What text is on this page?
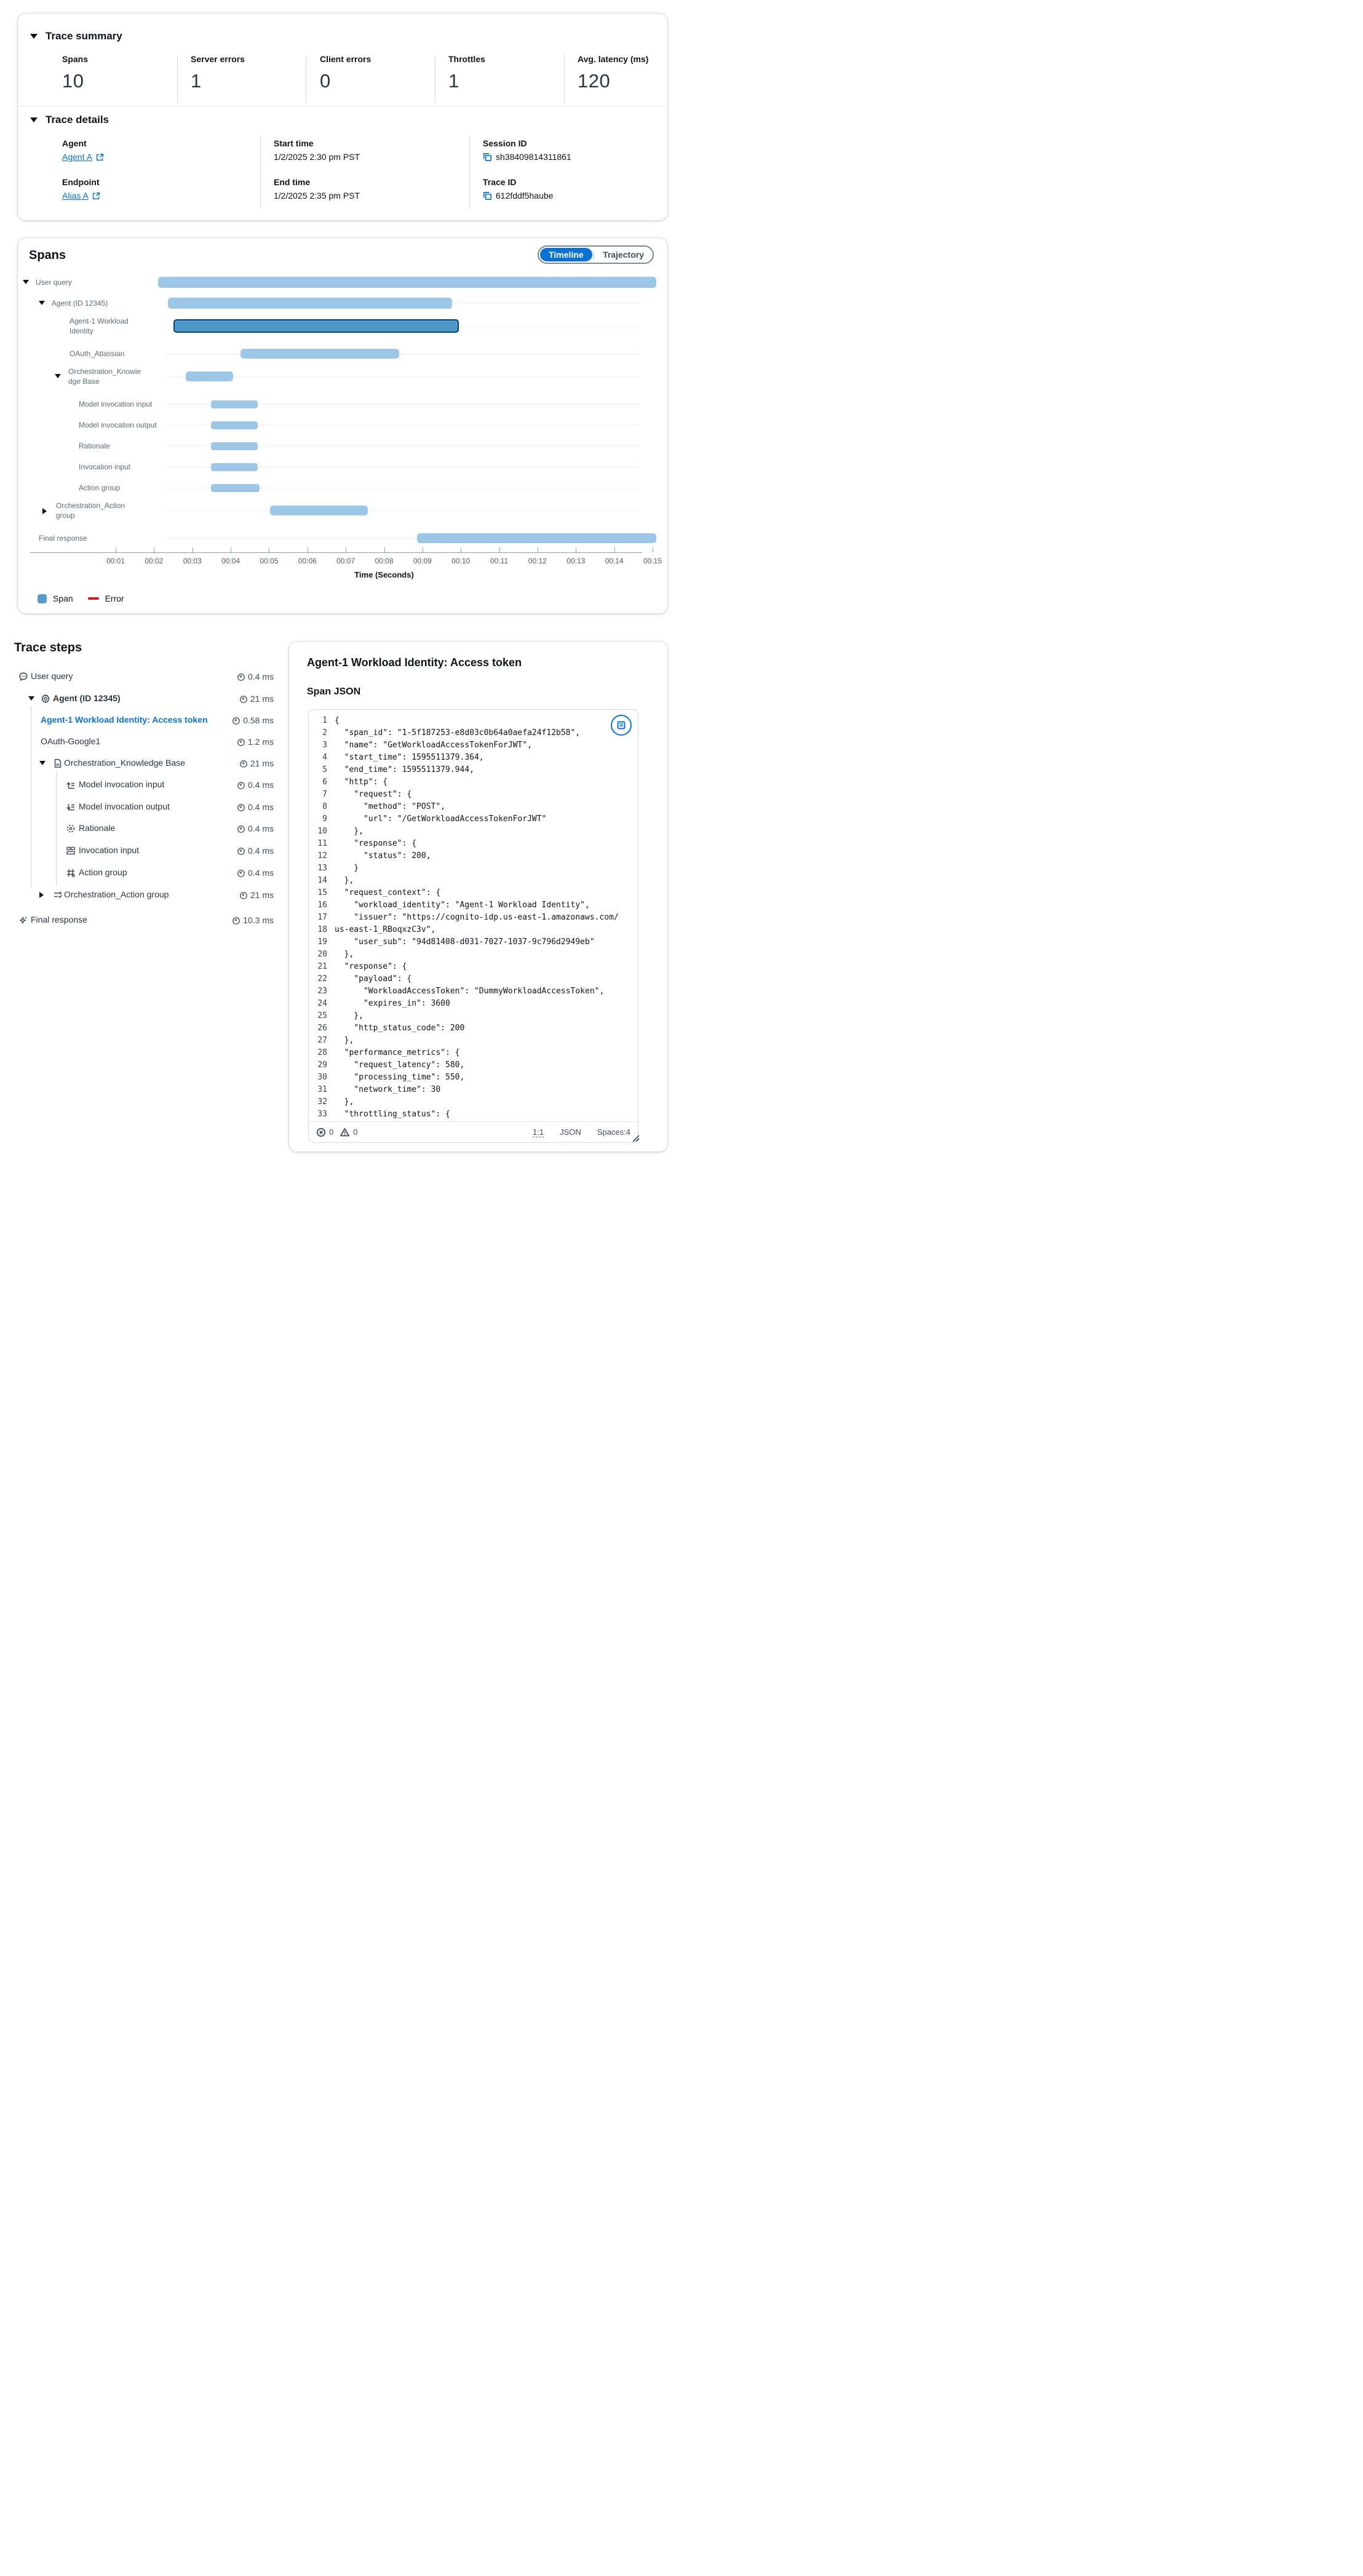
Trace summary
Spans
10
Server errors
1
Client errors
0
Throttles
1
Avg. latency (ms)
120
Trace details
Agent
Agent A
Endpoint
Alias A
Start time
1/2/2025 2:30 pm PST
End time
1/2/2025 2:35 pm PST
Session ID
sh38409814311861
Trace ID
612fddf5haube
Spans	Timeline	| Trajectory
User query
Agent (ID 12345)
Agent-1 Workload
Identity
OAuth_Atlassian
Orchestration_Knowle
dge Base
Model invocation input
Model invocation output
Rationale
Invocation input
Action group
Orchestration_Action
group
Final response
00:01	00:02	00:03	00:04	00:05	00:06	00:07	00:08	00:09	00:10	00:11	00:12	00:13	00:14	00:15
Time (Seconds)
Span
	Error

Trace steps
User query	0.4 ms
Agent (ID 12345)	21 ms
Agent-1 Workload Identity: Access token	0.58 ms
OAuth-Google1	1.2 ms
Orchestration_Knowledge Base	21 ms
Model invocation input	0.4 ms
Model invocation output	0.4 ms
Rationale	0.4 ms
Invocation input	0.4 ms
Action group	0.4 ms
Orchestration_Action group	21 ms
Final response	10.3 ms
Agent-1 Workload Identity: Access token
Span JSON
1 {
2 "span_id": "1-5f187253-e8d03c0b64a0aefa24f12b58",
3 "name": "GetWorkloadAccessTokenForJWT",
4 "start_time": 1595511379.364,
5 "end_time": 1595511379.944,
6 "http": {
7 "request": {
8 "method": "POST",
9 "url": "/GetWorkloadAccessTokenForJWT"
10 },
11 "response": {
12 "status": 200,
13 }
14 },
15 "request_context": {
16 "workload_identity": "Agent-1 Workload Identity",
17 "issuer": "https://cognito-idp.us-east-1.amazonaws.com/
18 us-east-1_RBoqxzC3v",
19 "user_sub": "94d81408-d031-7027-1037-9c796d2949eb"
20 },
21 "response": {
22 "payload": {
23 "WorkloadAccessToken": "DummyWorkloadAccessToken",
24 "expires_in": 3600
25 },
26 "http_status_code": 200
27 },
28 "performance_metrics": {
29 "request_latency": 580,
30 "processing_time": 550,
31 "network_time": 30
32 },
33 "throttling_status": {
0 0	1:1 JSON Spaces:4
